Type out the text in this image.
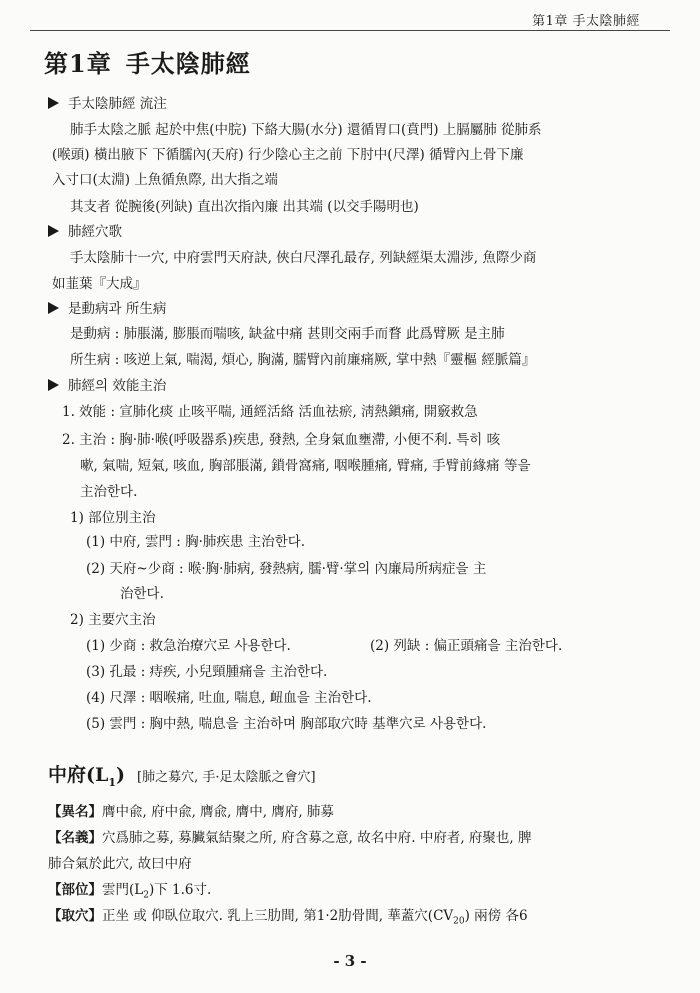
第1章 手太陰肺經
第1章 手太陰肺經
手太陰肺經 流注
肺手太陰之脈 起於中焦(中脘) 下絡大腸(水分) 還循胃口(賁門) 上膈屬肺 從肺系
(喉頭) 橫出腋下 下循臑內(天府) 行少陰心主之前 下肘中(尺澤) 循臂內上骨下廉
入寸口(太淵) 上魚循魚際, 出大指之端
其支者 從腕後(列缺) 直出次指內廉 出其端 (以交手陽明也)
肺經穴歌
手太陰肺十一穴, 中府雲門天府訣, 俠白尺澤孔最存, 列缺經渠太淵涉, 魚際少商
如韮葉『大成』
是動病과 所生病
是動病 : 肺脹滿, 膨脹而喘咳, 缺盆中痛 甚則交兩手而瞀 此爲臂厥 是主肺
所生病 : 咳逆上氣, 喘渴, 煩心, 胸滿, 臑臂內前廉痛厥, 掌中熱『靈樞 經脈篇』
肺經의 效能主治
1. 效能 : 宣肺化痰 止咳平喘, 通經活絡 活血祛瘀, 淸熱鎭痛, 開竅救急
2. 主治 : 胸·肺·喉(呼吸器系)疾患, 發熱, 全身氣血壅滯, 小便不利. 특히 咳
嗽, 氣喘, 短氣, 咳血, 胸部脹滿, 鎖骨窩痛, 咽喉腫痛, 臂痛, 手臂前緣痛 等을
主治한다.
1) 部位別主治
(1) 中府, 雲門 : 胸·肺疾患 主治한다.
(2) 天府~少商 : 喉·胸·肺病, 發熱病, 臑·臂·掌의 內廉局所病症을 主
治한다.
2) 主要穴主治
(1) 少商 : 救急治療穴로 사용한다.	(2) 列缺 : 偏正頭痛을 主治한다.
(3) 孔最 : 痔疾, 小兒頸腫痛을 主治한다.
(4) 尺澤 : 咽喉痛, 吐血, 喘息, 衄血을 主治한다.
(5) 雲門 : 胸中熱, 喘息을 主治하며 胸部取穴時 基準穴로 사용한다.
中府$(L_1)$ [肺之募穴, 手·足太陰脈之會穴]
【異名】膺中兪, 府中兪, 膺兪, 膺中, 膺府, 肺募
【名義】穴爲肺之募, 募臟氣結聚之所, 府含募之意, 故名中府. 中府者, 府聚也, 脾
肺合氣於此穴, 故曰中府
【部位】雲門$(L_2)$下 1.6寸.
【取穴】正坐 或 仰臥位取穴. 乳上三肋間, 第1·2肋骨間, 華蓋穴$(CV_{20})$ 兩傍 各6
- 3 -
